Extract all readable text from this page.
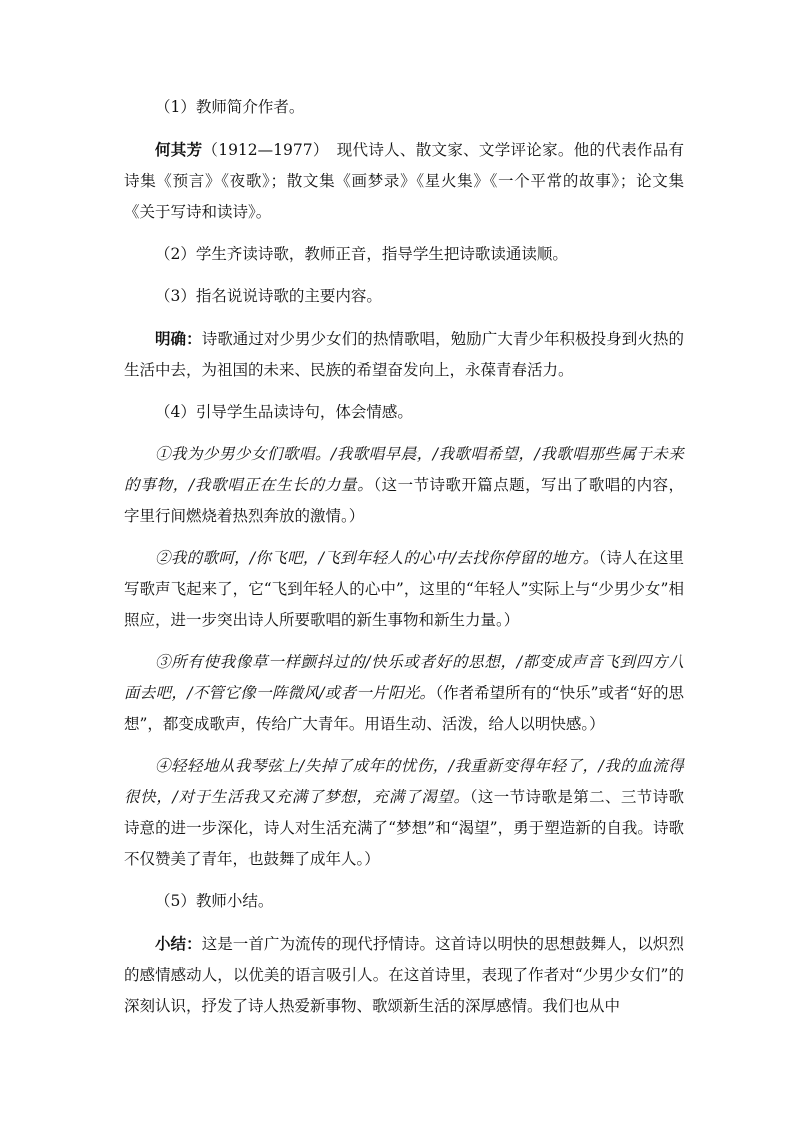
（1）教师简介作者。

何其芳（1912—1977）　现代诗人、散文家、文学评论家。他的代表作品有诗集《预言》《夜歌》；散文集《画梦录》《星火集》《一个平常的故事》；论文集《关于写诗和读诗》。

（2）学生齐读诗歌，教师正音，指导学生把诗歌读通读顺。

（3）指名说说诗歌的主要内容。

明确：诗歌通过对少男少女们的热情歌唱，勉励广大青少年积极投身到火热的生活中去，为祖国的未来、民族的希望奋发向上，永葆青春活力。

（4）引导学生品读诗句，体会情感。

①我为少男少女们歌唱。/我歌唱早晨，/我歌唱希望，/我歌唱那些属于未来的事物，/我歌唱正在生长的力量。（这一节诗歌开篇点题，写出了歌唱的内容，字里行间燃烧着热烈奔放的激情。）

②我的歌呵，/你飞吧，/飞到年轻人的心中/去找你停留的地方。（诗人在这里写歌声飞起来了，它“飞到年轻人的心中”，这里的“年轻人”实际上与“少男少女”相照应，进一步突出诗人所要歌唱的新生事物和新生力量。）

③所有使我像草一样颤抖过的/快乐或者好的思想，/都变成声音飞到四方八面去吧，/不管它像一阵微风/或者一片阳光。（作者希望所有的“快乐”或者“好的思想”，都变成歌声，传给广大青年。用语生动、活泼，给人以明快感。）

④轻轻地从我琴弦上/失掉了成年的忧伤，/我重新变得年轻了，/我的血流得很快，/对于生活我又充满了梦想，充满了渴望。（这一节诗歌是第二、三节诗歌诗意的进一步深化，诗人对生活充满了“梦想”和“渴望”，勇于塑造新的自我。诗歌不仅赞美了青年，也鼓舞了成年人。）

（5）教师小结。

小结：这是一首广为流传的现代抒情诗。这首诗以明快的思想鼓舞人，以炽烈的感情感动人，以优美的语言吸引人。在这首诗里，表现了作者对“少男少女们”的深刻认识，抒发了诗人热爱新事物、歌颂新生活的深厚感情。我们也从中
